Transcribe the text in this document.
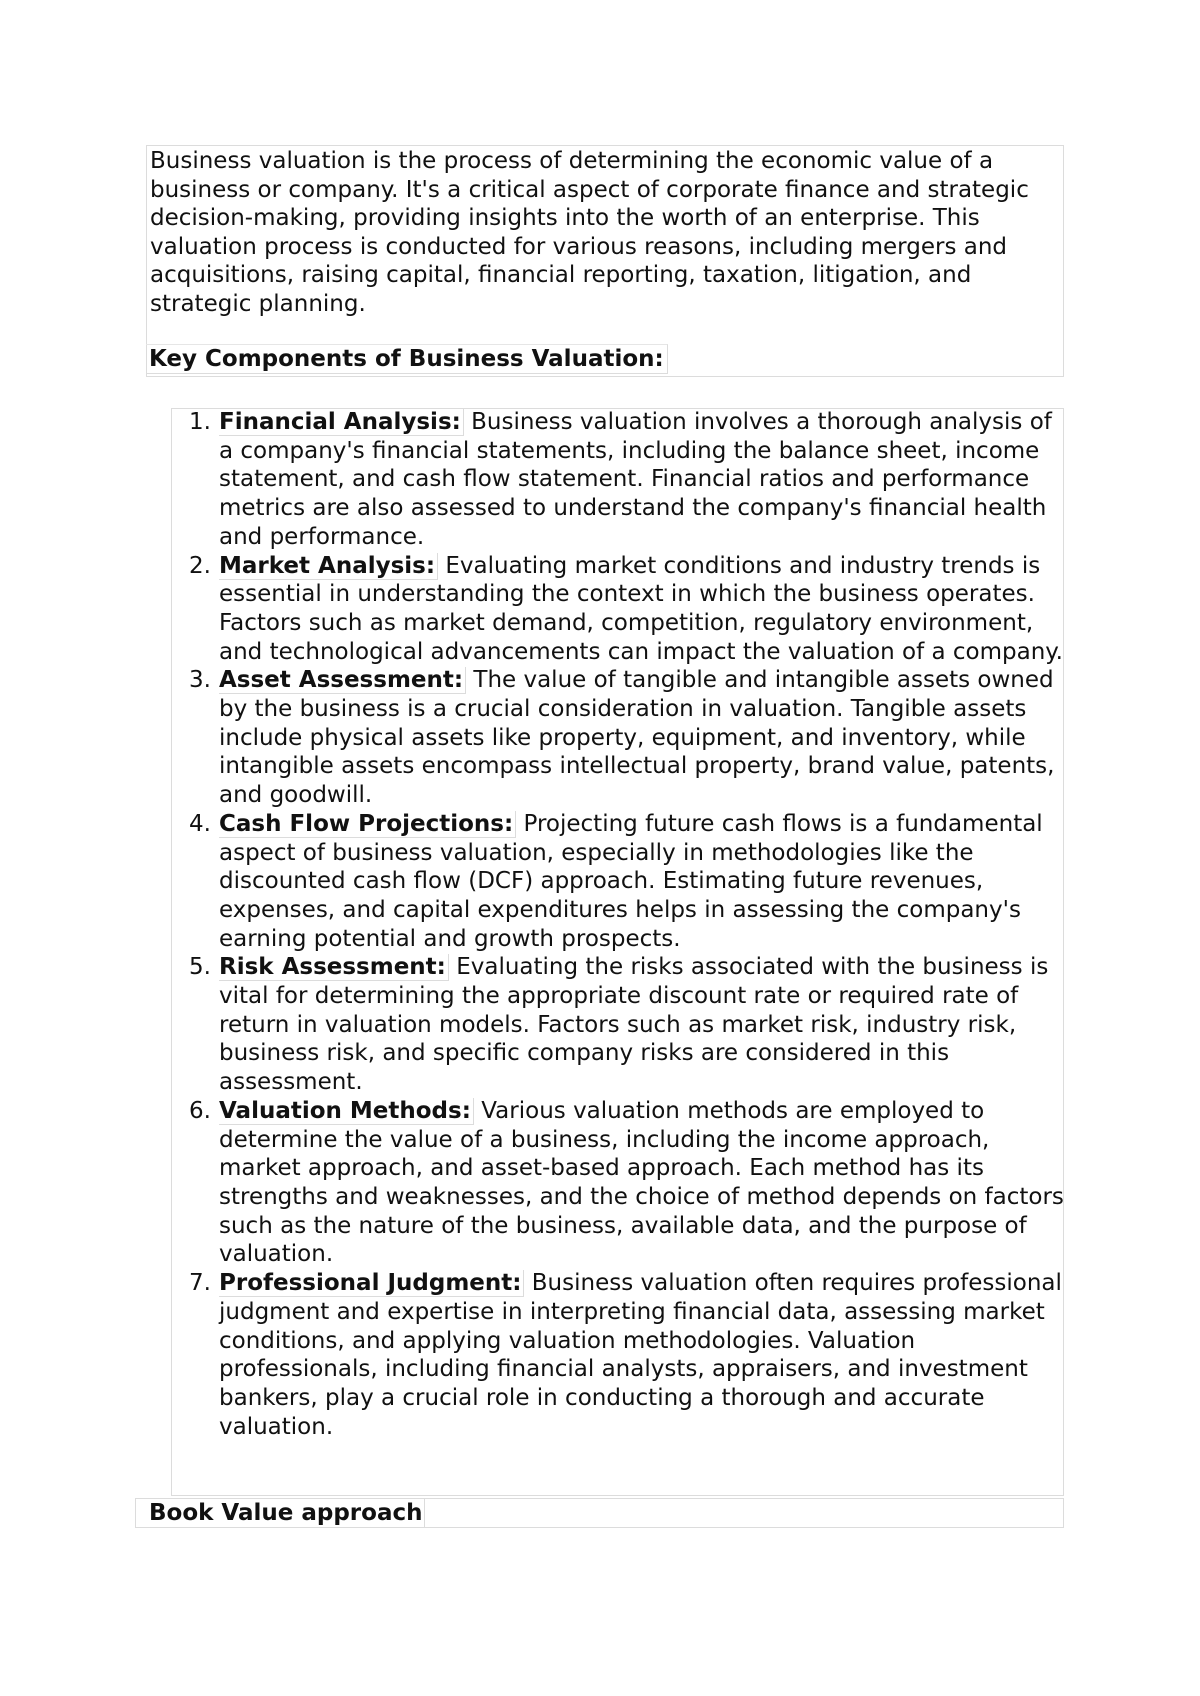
Business valuation is the process of determining the economic value of a business or company. It's a critical aspect of corporate finance and strategic decision-making, providing insights into the worth of an enterprise. This valuation process is conducted for various reasons, including mergers and acquisitions, raising capital, financial reporting, taxation, litigation, and strategic planning.

Key Components of Business Valuation:
1. Financial Analysis: Business valuation involves a thorough analysis of a company's financial statements, including the balance sheet, income statement, and cash flow statement. Financial ratios and performance metrics are also assessed to understand the company's financial health and performance.
2. Market Analysis: Evaluating market conditions and industry trends is essential in understanding the context in which the business operates. Factors such as market demand, competition, regulatory environment, and technological advancements can impact the valuation of a company.
3. Asset Assessment: The value of tangible and intangible assets owned by the business is a crucial consideration in valuation. Tangible assets include physical assets like property, equipment, and inventory, while intangible assets encompass intellectual property, brand value, patents, and goodwill.
4. Cash Flow Projections: Projecting future cash flows is a fundamental aspect of business valuation, especially in methodologies like the discounted cash flow (DCF) approach. Estimating future revenues, expenses, and capital expenditures helps in assessing the company's earning potential and growth prospects.
5. Risk Assessment: Evaluating the risks associated with the business is vital for determining the appropriate discount rate or required rate of return in valuation models. Factors such as market risk, industry risk, business risk, and specific company risks are considered in this assessment.
6. Valuation Methods: Various valuation methods are employed to determine the value of a business, including the income approach, market approach, and asset-based approach. Each method has its strengths and weaknesses, and the choice of method depends on factors such as the nature of the business, available data, and the purpose of valuation.
7. Professional Judgment: Business valuation often requires professional judgment and expertise in interpreting financial data, assessing market conditions, and applying valuation methodologies. Valuation professionals, including financial analysts, appraisers, and investment bankers, play a crucial role in conducting a thorough and accurate valuation.
Book Value approach
